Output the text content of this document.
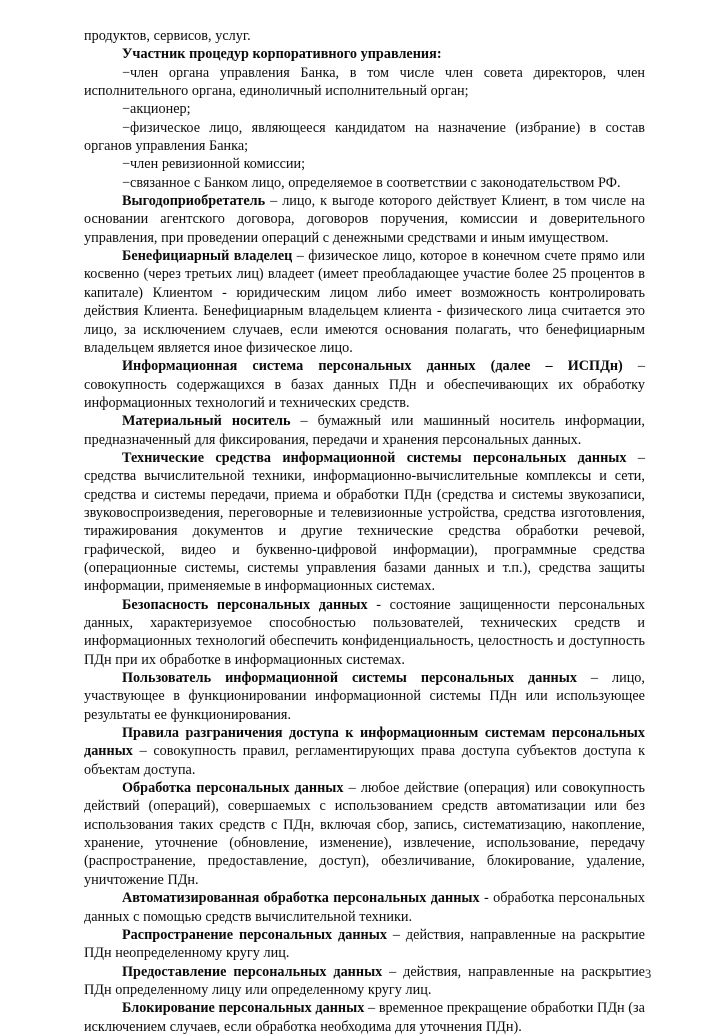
продуктов, сервисов, услуг.

Участник процедур корпоративного управления:

−член органа управления Банка, в том числе член совета директоров, член исполнительного органа, единоличный исполнительный орган;

−акционер;

−физическое лицо, являющееся кандидатом на назначение (избрание) в состав органов управления Банка;

−член ревизионной комиссии;

−связанное с Банком лицо, определяемое в соответствии с законодательством РФ.

Выгодоприобретатель – лицо, к выгоде которого действует Клиент, в том числе на основании агентского договора, договоров поручения, комиссии и доверительного управления, при проведении операций с денежными средствами и иным имуществом.

Бенефициарный владелец – физическое лицо, которое в конечном счете прямо или косвенно (через третьих лиц) владеет (имеет преобладающее участие более 25 процентов в капитале) Клиентом - юридическим лицом либо имеет возможность контролировать действия Клиента. Бенефициарным владельцем клиента - физического лица считается это лицо, за исключением случаев, если имеются основания полагать, что бенефициарным владельцем является иное физическое лицо.

Информационная система персональных данных (далее – ИСПДн) – совокупность содержащихся в базах данных ПДн и обеспечивающих их обработку информационных технологий и технических средств.

Материальный носитель – бумажный или машинный носитель информации, предназначенный для фиксирования, передачи и хранения персональных данных.

Технические средства информационной системы персональных данных – средства вычислительной техники, информационно-вычислительные комплексы и сети, средства и системы передачи, приема и обработки ПДн (средства и системы звукозаписи, звуковоспроизведения, переговорные и телевизионные устройства, средства изготовления, тиражирования документов и другие технические средства обработки речевой, графической, видео и буквенно-цифровой информации), программные средства (операционные системы, системы управления базами данных и т.п.), средства защиты информации, применяемые в информационных системах.

Безопасность персональных данных - состояние защищенности персональных данных, характеризуемое способностью пользователей, технических средств и информационных технологий обеспечить конфиденциальность, целостность и доступность ПДн при их обработке в информационных системах.

Пользователь информационной системы персональных данных – лицо, участвующее в функционировании информационной системы ПДн или использующее результаты ее функционирования.

Правила разграничения доступа к информационным системам персональных данных – совокупность правил, регламентирующих права доступа субъектов доступа к объектам доступа.

Обработка персональных данных – любое действие (операция) или совокупность действий (операций), совершаемых с использованием средств автоматизации или без использования таких средств с ПДн, включая сбор, запись, систематизацию, накопление, хранение, уточнение (обновление, изменение), извлечение, использование, передачу (распространение, предоставление, доступ), обезличивание, блокирование, удаление, уничтожение ПДн.

Автоматизированная обработка персональных данных - обработка персональных данных с помощью средств вычислительной техники.

Распространение персональных данных – действия, направленные на раскрытие ПДн неопределенному кругу лиц.

Предоставление персональных данных – действия, направленные на раскрытие ПДн определенному лицу или определенному кругу лиц.

Блокирование персональных данных – временное прекращение обработки ПДн (за исключением случаев, если обработка необходима для уточнения ПДн).

3
